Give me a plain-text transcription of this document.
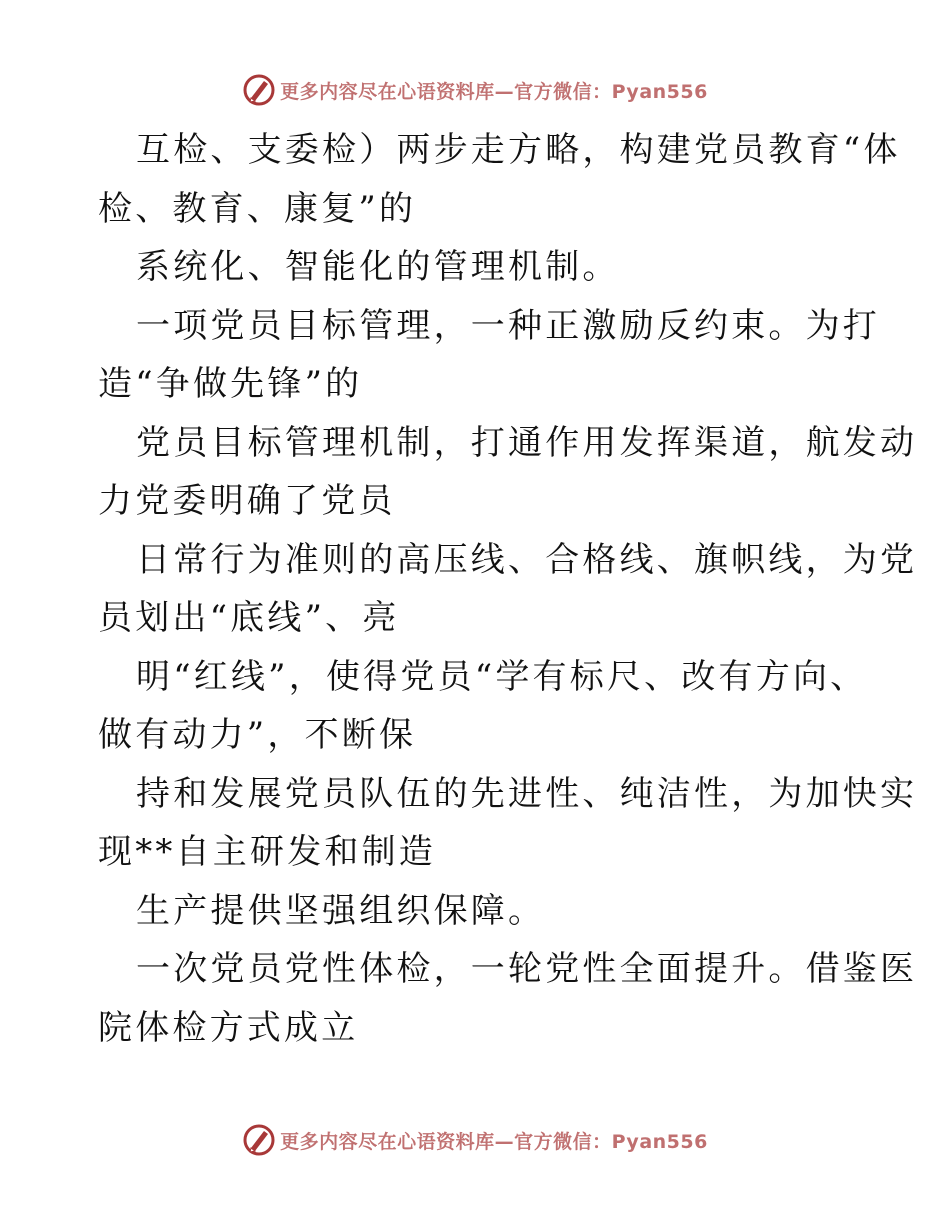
更多内容尽在心语资料库—官方微信：Pyan556
互检、支委检）两步走方略，构建党员教育“体
检、教育、康复”的
系统化、智能化的管理机制。
一项党员目标管理，一种正激励反约束。为打
造“争做先锋”的
党员目标管理机制，打通作用发挥渠道，航发动
力党委明确了党员
日常行为准则的高压线、合格线、旗帜线，为党
员划出“底线”、亮
明“红线”，使得党员“学有标尺、改有方向、
做有动力”，不断保
持和发展党员队伍的先进性、纯洁性，为加快实
现**自主研发和制造
生产提供坚强组织保障。
一次党员党性体检，一轮党性全面提升。借鉴医
院体检方式成立
更多内容尽在心语资料库—官方微信：Pyan556
